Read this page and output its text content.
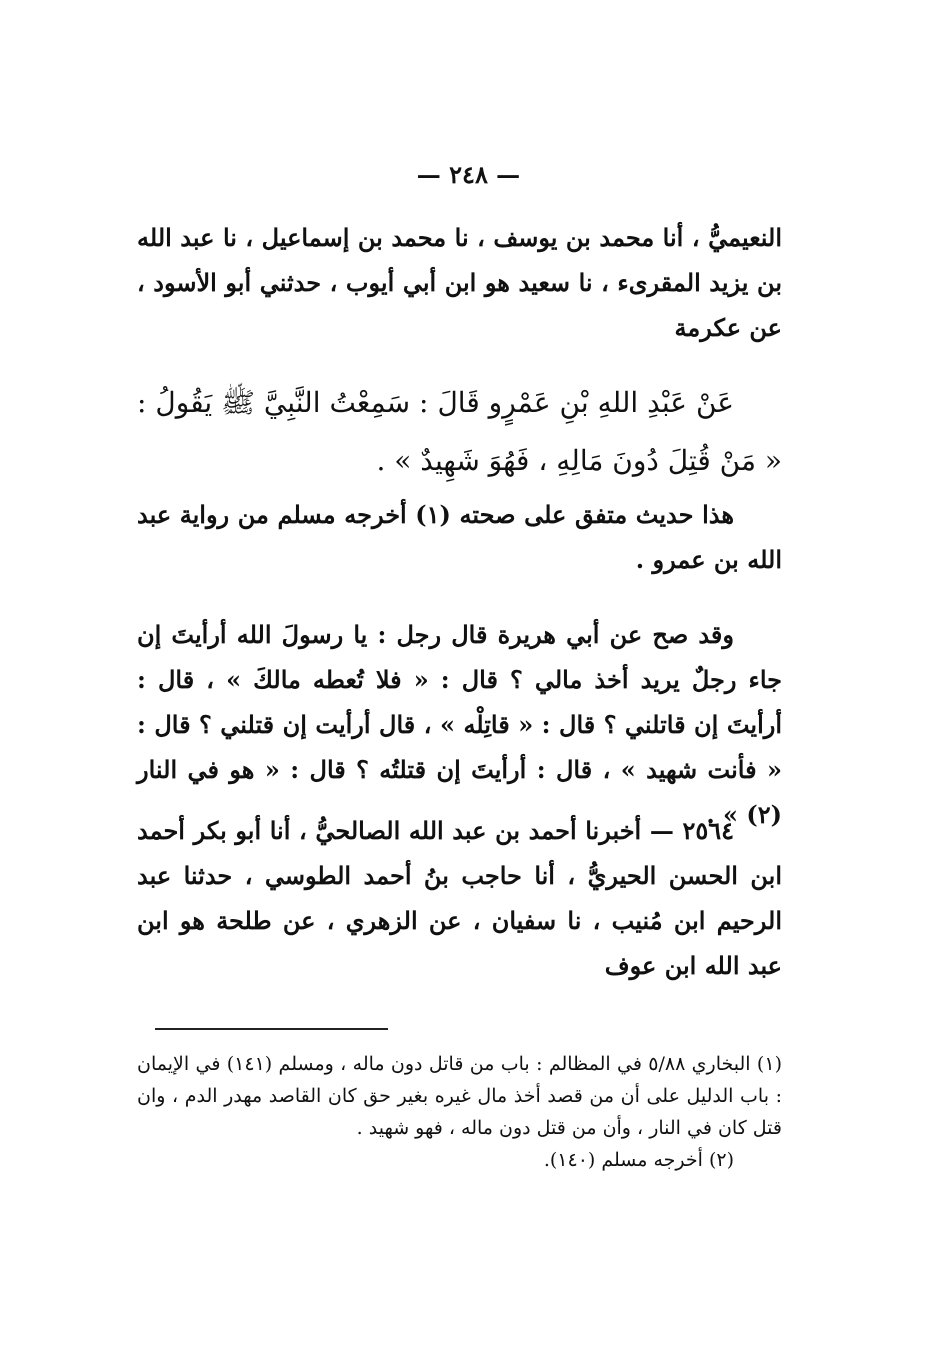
— ٢٤٨ —

النعيميُّ ، أنا محمد بن يوسف ، نا محمد بن إسماعيل ، نا عبد الله بن يزيد المقرىء ، نا سعيد هو ابن أبي أيوب ، حدثني أبو الأسود ، عن عكرمة

عَنْ عَبْدِ اللهِ بْنِ عَمْرٍو قَالَ : سَمِعْتُ النَّبِيَّ ﷺ يَقُولُ : « مَنْ قُتِلَ دُونَ مَالِهِ ، فَهُوَ شَهِيدٌ » .

هذا حديث متفق على صحته (١) أخرجه مسلم من رواية عبد الله بن عمرو .

وقد صح عن أبي هريرة قال رجل : يا رسولَ الله أرأيتَ إن جاء رجلٌ يريد أخذ مالي ؟ قال : « فلا تُعطه مالكَ » ، قال : أرأيتَ إن قاتلني ؟ قال : « قاتِلْه » ، قال أرأيت إن قتلني ؟ قال : « فأنت شهيد » ، قال : أرأيتَ إن قتلتُه ؟ قال : « هو في النار (٢) » .

٢٥٦٤ — أخبرنا أحمد بن عبد الله الصالحيُّ ، أنا أبو بكر أحمد ابن الحسن الحيريُّ ، أنا حاجب بنُ أحمد الطوسي ، حدثنا عبد الرحيم ابن مُنيب ، نا سفيان ، عن الزهري ، عن طلحة هو ابن عبد الله ابن عوف

(١) البخاري ٥/٨٨ في المظالم : باب من قاتل دون ماله ، ومسلم (١٤١) في الإيمان : باب الدليل على أن من قصد أخذ مال غيره بغير حق كان القاصد مهدر الدم ، وان قتل كان في النار ، وأن من قتل دون ماله ، فهو شهيد .

(٢) أخرجه مسلم (١٤٠).
